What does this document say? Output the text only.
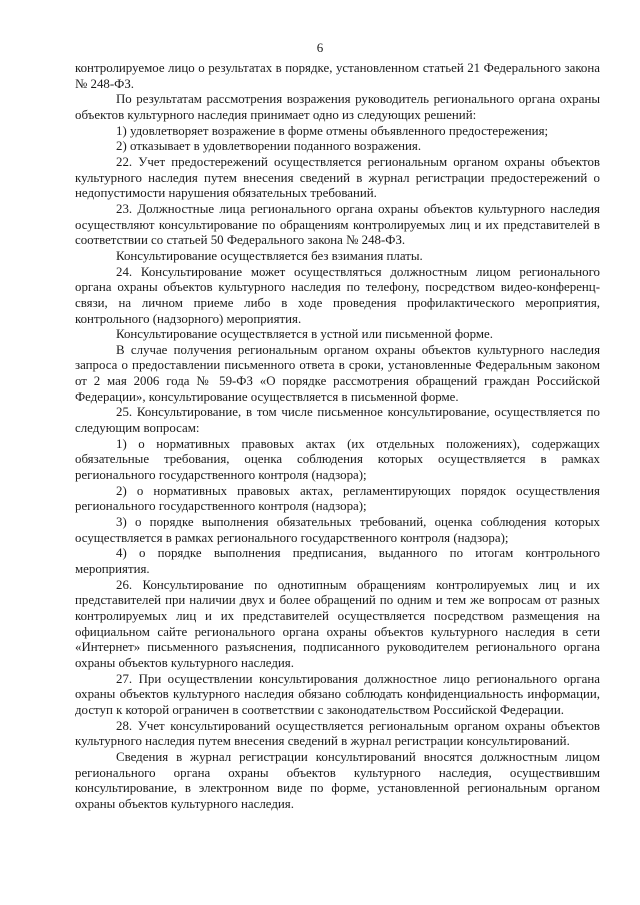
6

контролируемое лицо о результатах в порядке, установленном статьей 21 Федерального закона № 248-ФЗ.

По результатам рассмотрения возражения руководитель регионального органа охраны объектов культурного наследия принимает одно из следующих решений:

1) удовлетворяет возражение в форме отмены объявленного предостережения;

2) отказывает в удовлетворении поданного возражения.

22. Учет предостережений осуществляется региональным органом охраны объектов культурного наследия путем внесения сведений в журнал регистрации предостережений о недопустимости нарушения обязательных требований.

23. Должностные лица регионального органа охраны объектов культурного наследия осуществляют консультирование по обращениям контролируемых лиц и их представителей в соответствии со статьей 50 Федерального закона № 248-ФЗ.

Консультирование осуществляется без взимания платы.

24. Консультирование может осуществляться должностным лицом регионального органа охраны объектов культурного наследия по телефону, посредством видео-конференц-связи, на личном приеме либо в ходе проведения профилактического мероприятия, контрольного (надзорного) мероприятия.

Консультирование осуществляется в устной или письменной форме.

В случае получения региональным органом охраны объектов культурного наследия запроса о предоставлении письменного ответа в сроки, установленные Федеральным законом от 2 мая 2006 года № 59-ФЗ «О порядке рассмотрения обращений граждан Российской Федерации», консультирование осуществляется в письменной форме.

25. Консультирование, в том числе письменное консультирование, осуществляется по следующим вопросам:

1) о нормативных правовых актах (их отдельных положениях), содержащих обязательные требования, оценка соблюдения которых осуществляется в рамках регионального государственного контроля (надзора);

2) о нормативных правовых актах, регламентирующих порядок осуществления регионального государственного контроля (надзора);

3) о порядке выполнения обязательных требований, оценка соблюдения которых осуществляется в рамках регионального государственного контроля (надзора);

4) о порядке выполнения предписания, выданного по итогам контрольного мероприятия.

26. Консультирование по однотипным обращениям контролируемых лиц и их представителей при наличии двух и более обращений по одним и тем же вопросам от разных контролируемых лиц и их представителей осуществляется посредством размещения на официальном сайте регионального органа охраны объектов культурного наследия в сети «Интернет» письменного разъяснения, подписанного руководителем регионального органа охраны объектов культурного наследия.

27. При осуществлении консультирования должностное лицо регионального органа охраны объектов культурного наследия обязано соблюдать конфиденциальность информации, доступ к которой ограничен в соответствии с законодательством Российской Федерации.

28. Учет консультирований осуществляется региональным органом охраны объектов культурного наследия путем внесения сведений в журнал регистрации консультирований.

Сведения в журнал регистрации консультирований вносятся должностным лицом регионального органа охраны объектов культурного наследия, осуществившим консультирование, в электронном виде по форме, установленной региональным органом охраны объектов культурного наследия.
